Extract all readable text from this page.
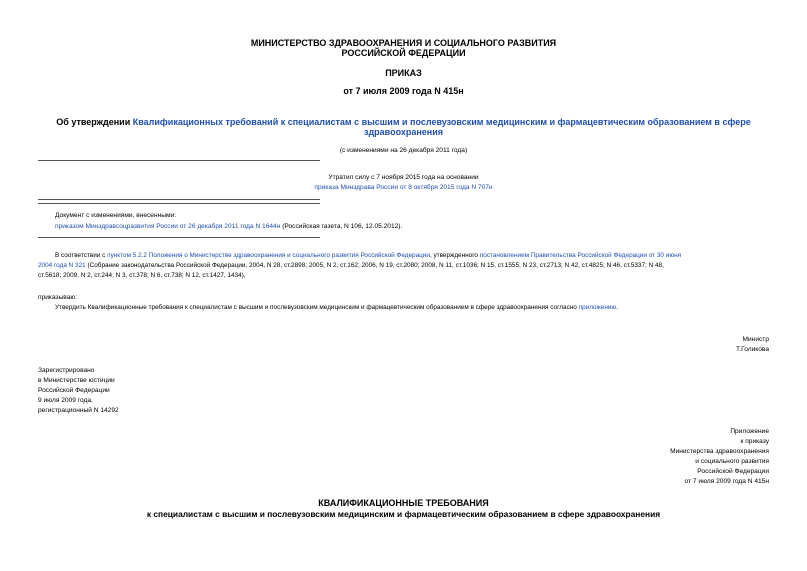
МИНИСТЕРСТВО ЗДРАВООХРАНЕНИЯ И СОЦИАЛЬНОГО РАЗВИТИЯ
РОССИЙСКОЙ ФЕДЕРАЦИИ
ПРИКАЗ
от 7 июля 2009 года N 415н
Об утверждении Квалификационных требований к специалистам с высшим и послевузовским медицинским и фармацевтическим образованием в сфере
здравоохранения
(с изменениями на 26 декабря 2011 года)
Утратил силу с 7 ноября 2015 года на основании
приказа Минздрава России от 8 октября 2015 года N 707н
Документ с изменениями, внесенными:
приказом Минздравсоцразвития России от 26 декабря 2011 года N 1644н (Российская газета, N 106, 12.05.2012).
В соответствии с пунктом 5.2.2 Положения о Министерстве здравоохранения и социального развития Российской Федерации, утвержденного постановлением Правительства Российской Федерации от 30 июня
2004 года N 321 (Собрание законодательства Российской Федерации, 2004, N 28, ст.2898; 2005, N 2, ст.162; 2006, N 19, ст.2080; 2008, N 11, ст.1036; N 15, ст.1555; N 23, ст.2713; N 42, ст.4825; N 46, ст.5337; N 48,
ст.5618; 2009, N 2, ст.244; N 3, ст.378; N 6, ст.738; N 12, ст.1427, 1434),
приказываю:
Утвердить Квалификационные требования к специалистам с высшим и послевузовским медицинским и фармацевтическим образованием в сфере здравоохранения согласно приложению.
Министр
Т.Голикова
Зарегистрировано
в Министерстве юстиции
Российской Федерации
9 июля 2009 года,
регистрационный N 14292
Приложение
к приказу
Министерства здравоохранения
и социального развития
Российской Федерации
от 7 июля 2009 года N 415н
КВАЛИФИКАЦИОННЫЕ ТРЕБОВАНИЯ
к специалистам с высшим и послевузовским медицинским и фармацевтическим образованием в сфере здравоохранения
